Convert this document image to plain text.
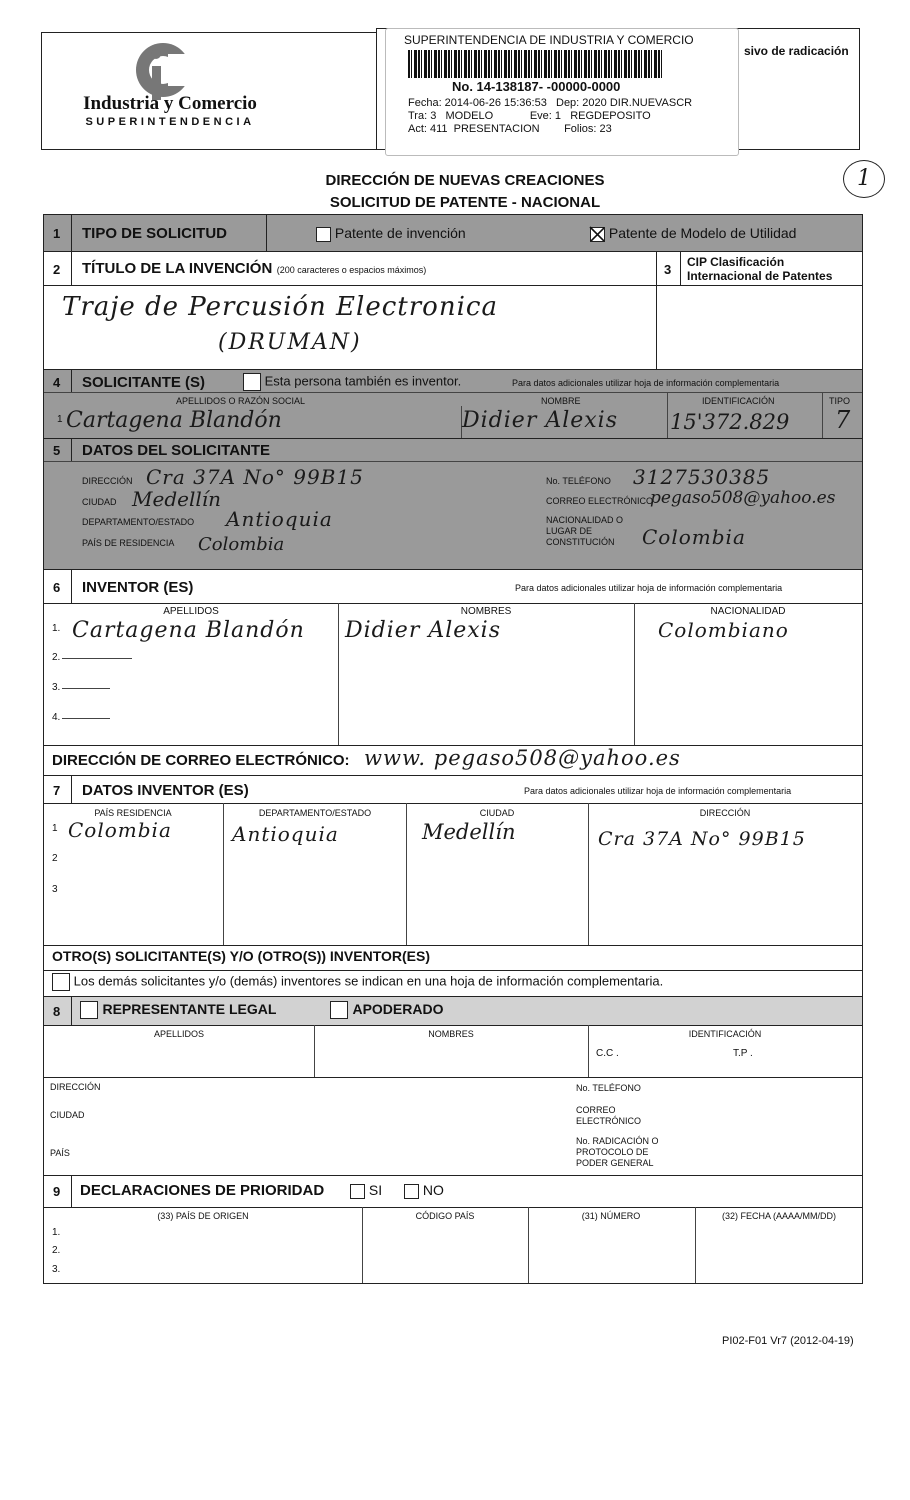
Industria y Comercio
SUPERINTENDENCIA
SUPERINTENDENCIA DE INDUSTRIA Y COMERCIO
No. 14-138187- -00000-0000
Fecha: 2014-06-26 15:36:53   Dep: 2020 DIR.NUEVASCR
Tra: 3   MODELO            Eve: 1   REGDEPOSITO
Act: 411  PRESENTACION        Folios: 23
sivo de radicación
1
DIRECCIÓN DE NUEVAS CREACIONES
SOLICITUD DE PATENTE - NACIONAL
1 TIPO DE SOLICITUD	Patente de invención	Patente de Modelo de Utilidad
2 TÍTULO DE LA INVENCIÓN (200 caracteres o espacios máximos)	3 CIP Clasificación
Internacional de Patentes
Traje de Percusión Electronica
(DRUMAN)
4 SOLICITANTE (S)	Esta persona también es inventor.	Para datos adicionales utilizar hoja de información complementaria
APELLIDOS O RAZÓN SOCIAL	NOMBRE	IDENTIFICACIÓN	TIPO
1 Cartagena Blandón	Didier Alexis 15'372.829 7
5 DATOS DEL SOLICITANTE
DIRECCIÓN Cra 37A No° 99B15
CIUDAD Medellín
DEPARTAMENTO/ESTADO Antioquia
PAÍS DE RESIDENCIA Colombia
No. TELÉFONO 3127530385
CORREO ELECTRÓNICO
pegaso508@yahoo.es
NACIONALIDAD O
LUGAR DE
CONSTITUCIÓN	Colombia
6 INVENTOR (ES)	Para datos adicionales utilizar hoja de información complementaria
APELLIDOS	NOMBRES	NACIONALIDAD
1.
2.
3.
4.
Cartagena Blandón Didier Alexis	Colombiano
DIRECCIÓN DE CORREO ELECTRÓNICO: www. pegaso508@yahoo.es
7 DATOS INVENTOR (ES)	Para datos adicionales utilizar hoja de información complementaria
PAÍS RESIDENCIA	DEPARTAMENTO/ESTADO	CIUDAD	DIRECCIÓN
1
2
3
Colombia	Antioquia	Medellín	Cra 37A No° 99B15
OTRO(S) SOLICITANTE(S) Y/O (OTRO(S)) INVENTOR(ES)
Los demás solicitantes y/o (demás) inventores se indican en una hoja de información complementaria.
8	REPRESENTANTE LEGAL	APODERADO
APELLIDOS	NOMBRES	IDENTIFICACIÓN
C.C .	T.P .
DIRECCIÓN
CIUDAD
PAÍS
No. TELÉFONO
CORREO
ELECTRÓNICO
No. RADICACIÓN O
PROTOCOLO DE
PODER GENERAL
9 DECLARACIONES DE PRIORIDAD	SI	NO
(33) PAÍS DE ORIGEN	CÓDIGO PAÍS	(31) NÚMERO	(32) FECHA (AAAA/MM/DD)
1.
2.
3.
PI02-F01 Vr7 (2012-04-19)
